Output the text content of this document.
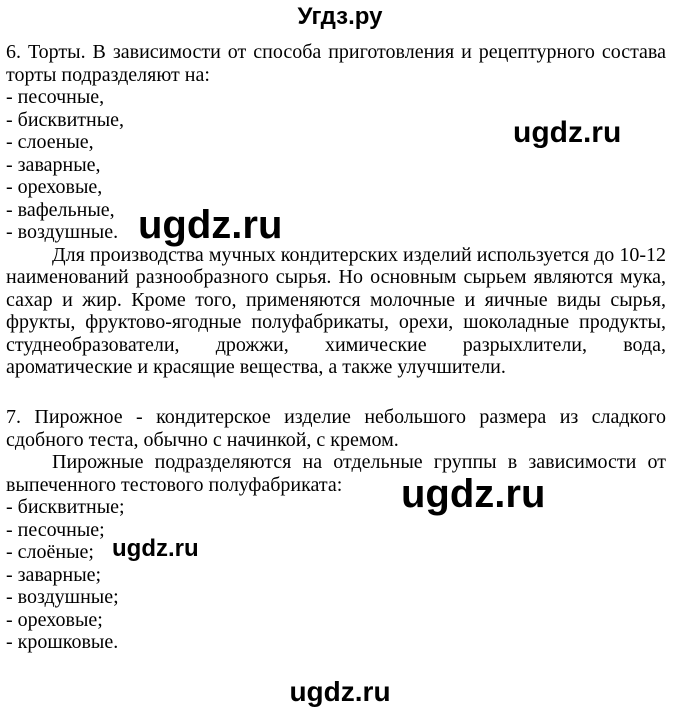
Угдз.ру

6. Торты. В зависимости от способа приготовления и рецептурного состава торты подразделяют на:

- песочные,
- бисквитные,
- слоеные,
- заварные,
- ореховые,
- вафельные,
- воздушные.

Для производства мучных кондитерских изделий используется до 10-12 наименований разнообразного сырья. Но основным сырьем являются мука, сахар и жир. Кроме того, применяются молочные и яичные виды сырья, фрукты, фруктово-ягодные полуфабрикаты, орехи, шоколадные продукты, студнеобразователи, дрожжи, химические разрыхлители, вода, ароматические и красящие вещества, а также улучшители.

7. Пирожное - кондитерское изделие небольшого размера из сладкого сдобного теста, обычно с начинкой, с кремом.

Пирожные подразделяются на отдельные группы в зависимости от выпеченного тестового полуфабриката:

- бисквитные;
- песочные;
- слоёные;
- заварные;
- воздушные;
- ореховые;
- крошковые.
ugdz.ru
ugdz.ru
ugdz.ru
ugdz.ru
ugdz.ru
